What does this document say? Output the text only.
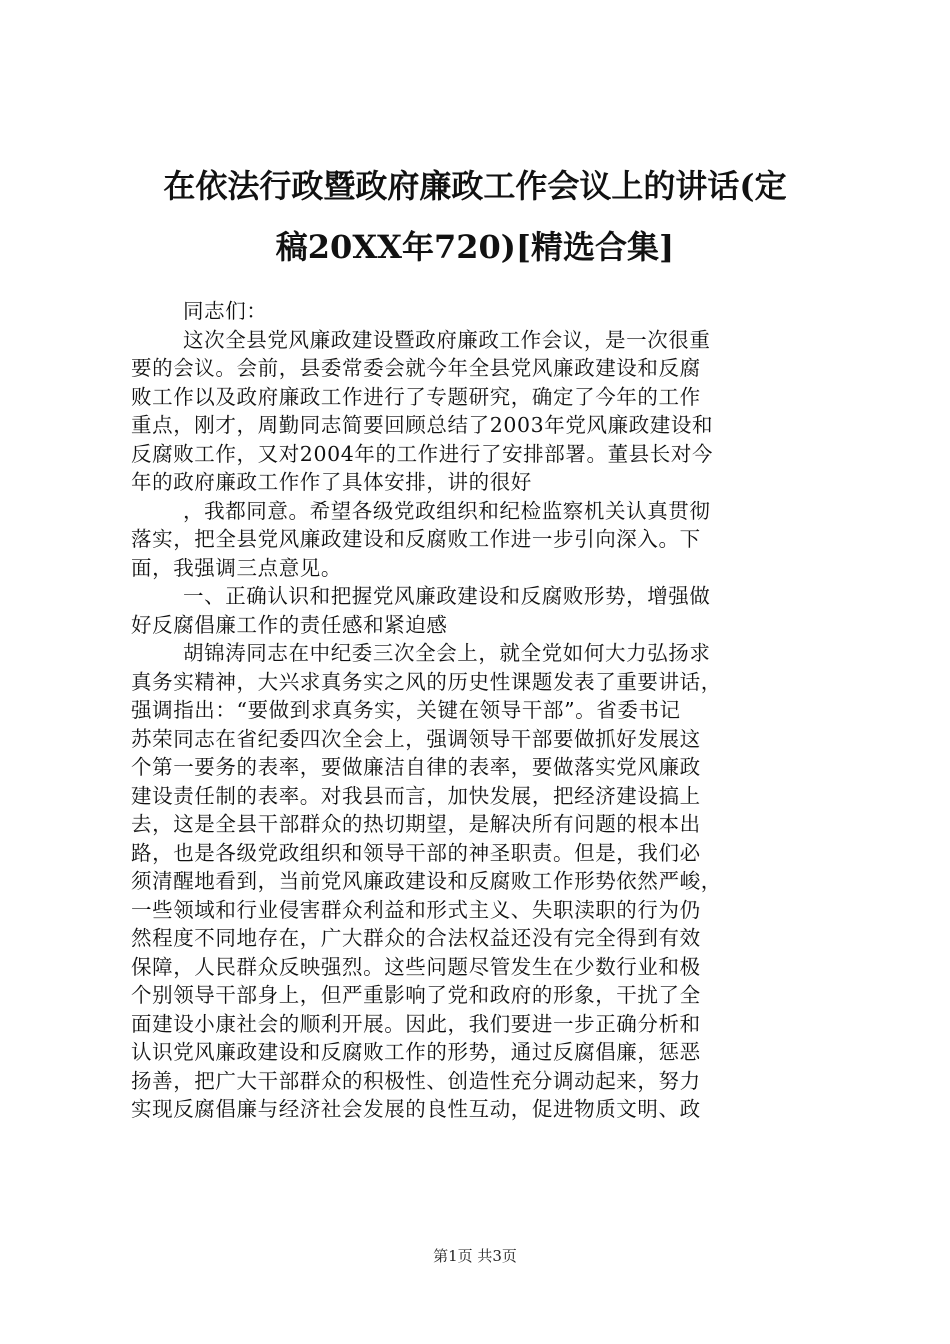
在依法行政暨政府廉政工作会议上的讲话(定
稿20XX年720)[精选合集]
同志们：
这次全县党风廉政建设暨政府廉政工作会议，是一次很重
要的会议。会前，县委常委会就今年全县党风廉政建设和反腐
败工作以及政府廉政工作进行了专题研究，确定了今年的工作
重点，刚才，周勤同志简要回顾总结了2003年党风廉政建设和
反腐败工作，又对2004年的工作进行了安排部署。董县长对今
年的政府廉政工作作了具体安排，讲的很好
，我都同意。希望各级党政组织和纪检监察机关认真贯彻
落实，把全县党风廉政建设和反腐败工作进一步引向深入。下
面，我强调三点意见。
一、正确认识和把握党风廉政建设和反腐败形势，增强做
好反腐倡廉工作的责任感和紧迫感
胡锦涛同志在中纪委三次全会上，就全党如何大力弘扬求
真务实精神，大兴求真务实之风的历史性课题发表了重要讲话，
强调指出：“要做到求真务实，关键在领导干部”。省委书记
苏荣同志在省纪委四次全会上，强调领导干部要做抓好发展这
个第一要务的表率，要做廉洁自律的表率，要做落实党风廉政
建设责任制的表率。对我县而言，加快发展，把经济建设搞上
去，这是全县干部群众的热切期望，是解决所有问题的根本出
路，也是各级党政组织和领导干部的神圣职责。但是，我们必
须清醒地看到，当前党风廉政建设和反腐败工作形势依然严峻，
一些领域和行业侵害群众利益和形式主义、失职渎职的行为仍
然程度不同地存在，广大群众的合法权益还没有完全得到有效
保障，人民群众反映强烈。这些问题尽管发生在少数行业和极
个别领导干部身上，但严重影响了党和政府的形象，干扰了全
面建设小康社会的顺利开展。因此，我们要进一步正确分析和
认识党风廉政建设和反腐败工作的形势，通过反腐倡廉，惩恶
扬善，把广大干部群众的积极性、创造性充分调动起来，努力
实现反腐倡廉与经济社会发展的良性互动，促进物质文明、政
第1页 共3页
